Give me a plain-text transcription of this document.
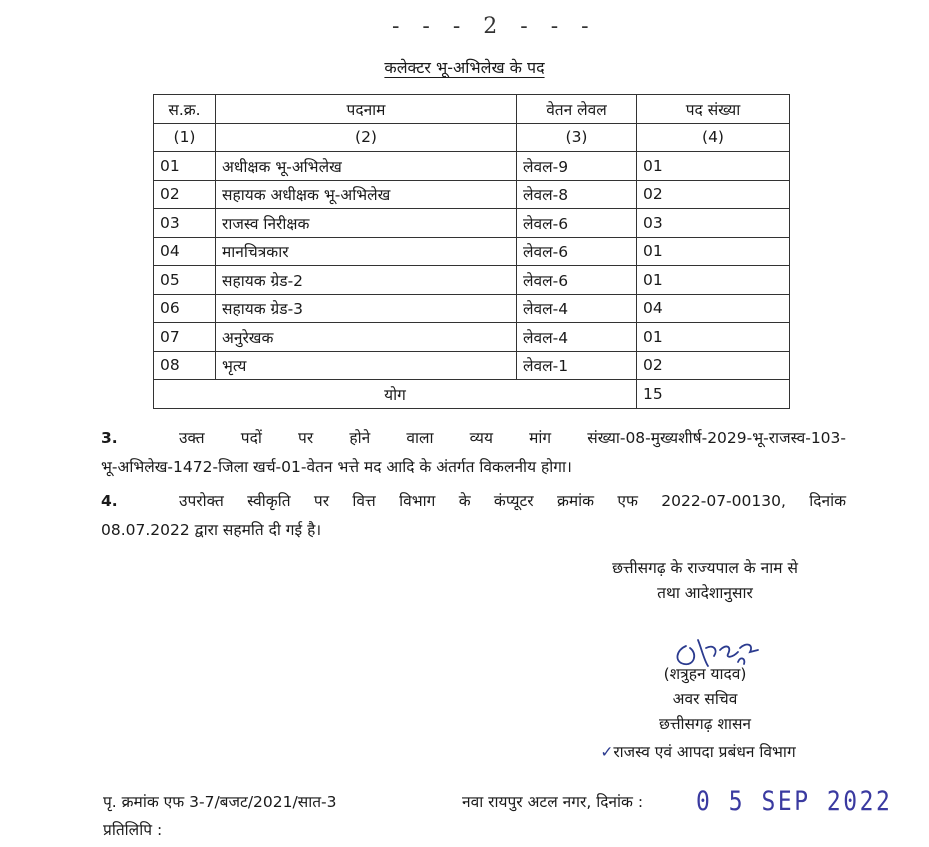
- - - 2 - - -
कलेक्टर भू-अभिलेख के पद
स.क्र.	पदनाम	वेतन लेवल	पद संख्या
(1)	(2)	(3)	(4)
01	अधीक्षक भू-अभिलेख	लेवल-9	01
02	सहायक अधीक्षक भू-अभिलेख	लेवल-8	02
03	राजस्व निरीक्षक	लेवल-6	03
04	मानचित्रकार	लेवल-6	01
05	सहायक ग्रेड-2	लेवल-6	01
06	सहायक ग्रेड-3	लेवल-4	04
07	अनुरेखक	लेवल-4	01
08	भृत्य	लेवल-1	02
योग			15
3.	उक्त पदों पर होने वाला व्यय मांग संख्या-08-मुख्यशीर्ष-2029-भू-राजस्व-103-
भू-अभिलेख-1472-जिला खर्च-01-वेतन भत्ते मद आदि के अंतर्गत विकलनीय होगा।
4.	उपरोक्त स्वीकृति पर वित्त विभाग के कंप्यूटर क्रमांक एफ 2022-07-00130, दिनांक
08.07.2022 द्वारा सहमति दी गई है।
छत्तीसगढ़ के राज्यपाल के नाम से
तथा आदेशानुसार
(शत्रुहन यादव)
अवर सचिव
छत्तीसगढ़ शासन
✓राजस्व एवं आपदा प्रबंधन विभाग
पृ. क्रमांक एफ 3-7/बजट/2021/सात-3	नवा रायपुर अटल नगर, दिनांक : 0 5 SEP 2022
प्रतिलिपि :
